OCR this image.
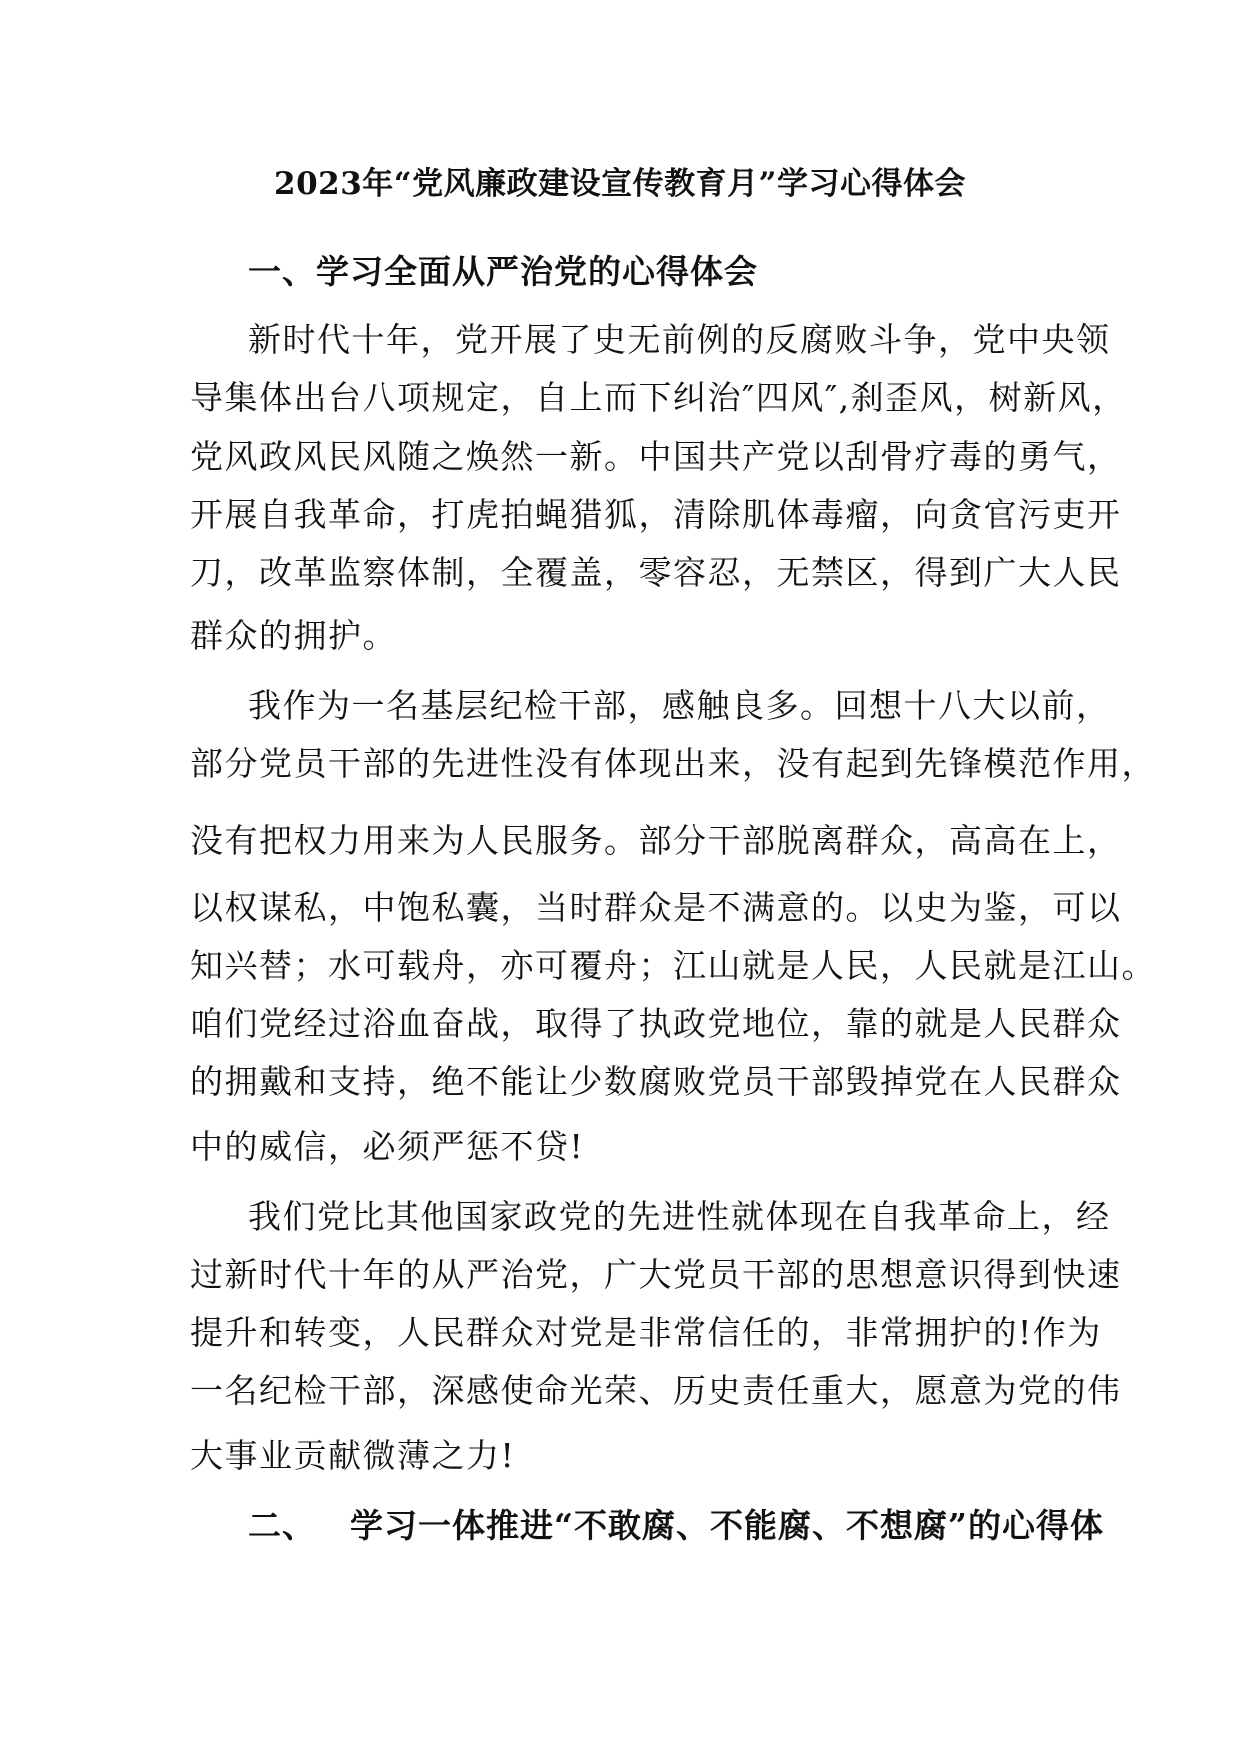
2023年“党风廉政建设宣传教育月”学习心得体会
一、学习全面从严治党的心得体会
新时代十年，党开展了史无前例的反腐败斗争，党中央领
导集体出台八项规定，自上而下纠治″四风″,刹歪风，树新风，
党风政风民风随之焕然一新。中国共产党以刮骨疗毒的勇气，
开展自我革命，打虎拍蝇猎狐，清除肌体毒瘤，向贪官污吏开
刀，改革监察体制，全覆盖，零容忍，无禁区，得到广大人民
群众的拥护。
我作为一名基层纪检干部，感触良多。回想十八大以前，
部分党员干部的先进性没有体现出来，没有起到先锋模范作用，
没有把权力用来为人民服务。部分干部脱离群众，高高在上，
以权谋私，中饱私囊，当时群众是不满意的。以史为鉴，可以
知兴替；水可载舟，亦可覆舟；江山就是人民，人民就是江山。
咱们党经过浴血奋战，取得了执政党地位，靠的就是人民群众
的拥戴和支持，绝不能让少数腐败党员干部毁掉党在人民群众
中的威信，必须严惩不贷!
我们党比其他国家政党的先进性就体现在自我革命上，经
过新时代十年的从严治党，广大党员干部的思想意识得到快速
提升和转变，人民群众对党是非常信任的，非常拥护的!作为
一名纪检干部，深感使命光荣、历史责任重大，愿意为党的伟
大事业贡献微薄之力!
二、 学习一体推进“不敢腐、不能腐、不想腐”的心得体
